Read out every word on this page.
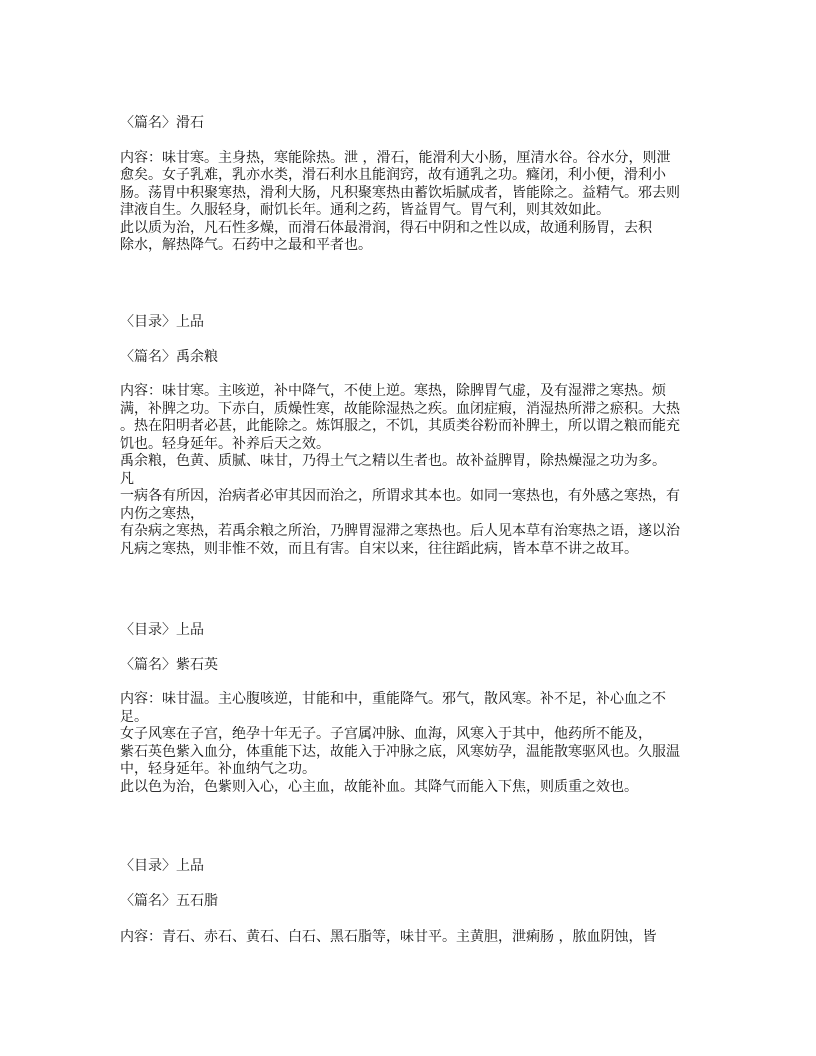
〈篇名〉滑石
内容：味甘寒。主身热，寒能除热。泄 ，滑石，能滑利大小肠，厘清水谷。谷水分，则泄
愈矣。女子乳难，乳亦水类，滑石利水且能润窍，故有通乳之功。癃闭，利小便，滑利小
肠。荡胃中积聚寒热，滑利大肠，凡积聚寒热由蓄饮垢腻成者，皆能除之。益精气。邪去则
津液自生。久服轻身，耐饥长年。通利之药，皆益胃气。胃气利，则其效如此。
此以质为治，凡石性多燥，而滑石体最滑润，得石中阴和之性以成，故通利肠胃，去积
除水，解热降气。石药中之最和平者也。
〈目录〉上品
〈篇名〉禹余粮
内容：味甘寒。主咳逆，补中降气，不使上逆。寒热，除脾胃气虚，及有湿滞之寒热。烦
满，补脾之功。下赤白，质燥性寒，故能除湿热之疾。血闭症瘕，消湿热所滞之瘀积。大热
。热在阳明者必甚，此能除之。炼饵服之，不饥，其质类谷粉而补脾土，所以谓之粮而能充
饥也。轻身延年。补养后天之效。
禹余粮，色黄、质腻、味甘，乃得土气之精以生者也。故补益脾胃，除热燥湿之功为多。
凡
一病各有所因，治病者必审其因而治之，所谓求其本也。如同一寒热也，有外感之寒热，有
内伤之寒热，
有杂病之寒热，若禹余粮之所治，乃脾胃湿滞之寒热也。后人见本草有治寒热之语，遂以治
凡病之寒热，则非惟不效，而且有害。自宋以来，往往蹈此病，皆本草不讲之故耳。
〈目录〉上品
〈篇名〉紫石英
内容：味甘温。主心腹咳逆，甘能和中，重能降气。邪气，散风寒。补不足，补心血之不
足。
女子风寒在子宫，绝孕十年无子。子宫属冲脉、血海，风寒入于其中，他药所不能及，
紫石英色紫入血分，体重能下达，故能入于冲脉之底，风寒妨孕，温能散寒驱风也。久服温
中，轻身延年。补血纳气之功。
此以色为治，色紫则入心，心主血，故能补血。其降气而能入下焦，则质重之效也。
〈目录〉上品
〈篇名〉五石脂
内容：青石、赤石、黄石、白石、黑石脂等，味甘平。主黄胆，泄痢肠 ，脓血阴蚀，皆
